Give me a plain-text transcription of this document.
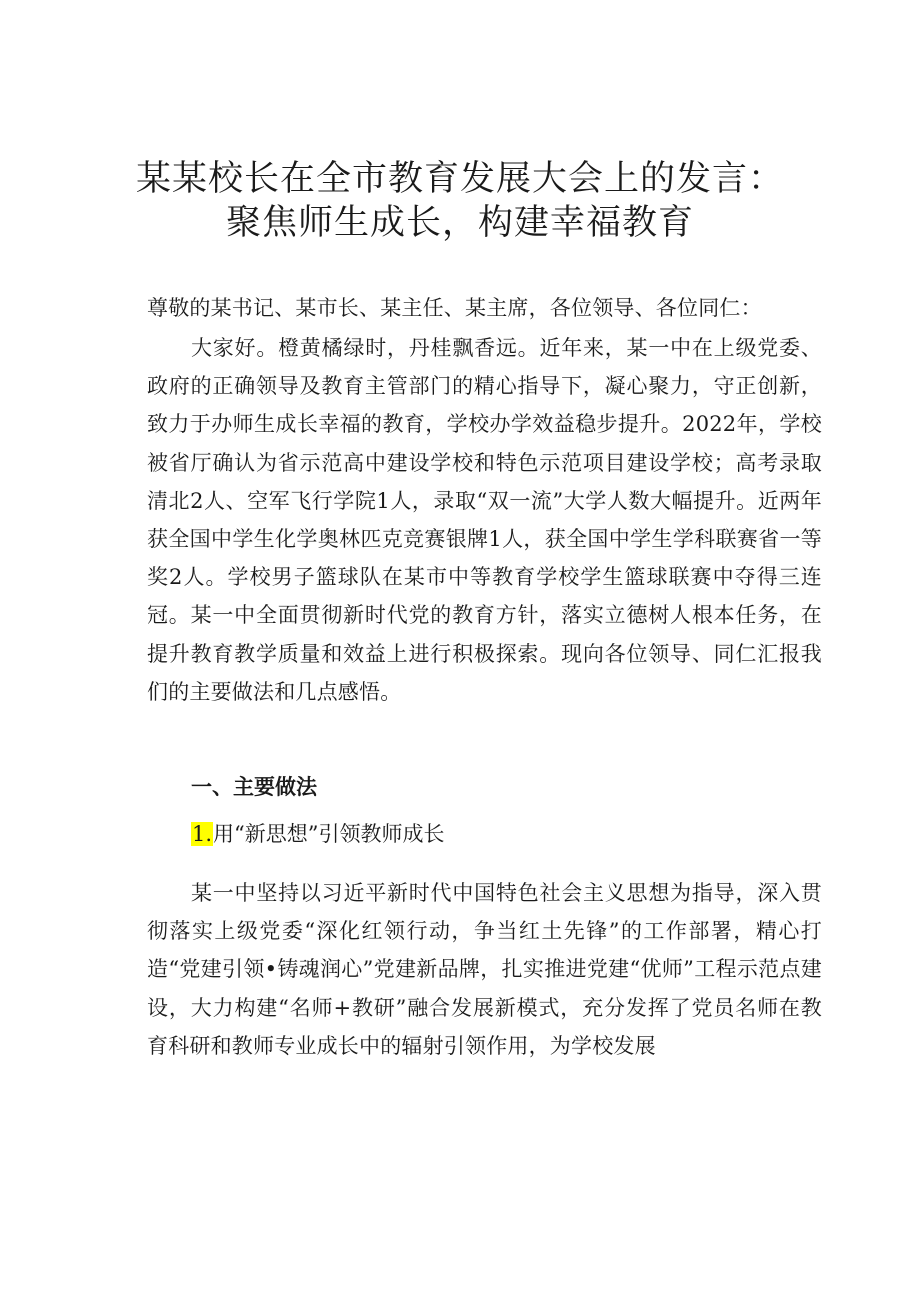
某某校长在全市教育发展大会上的发言：
聚焦师生成长，构建幸福教育

尊敬的某书记、某市长、某主任、某主席，各位领导、各位同仁：

大家好。橙黄橘绿时，丹桂飘香远。近年来，某一中在上级党委、政府的正确领导及教育主管部门的精心指导下，凝心聚力，守正创新，致力于办师生成长幸福的教育，学校办学效益稳步提升。2022年，学校被省厅确认为省示范高中建设学校和特色示范项目建设学校；高考录取清北2人、空军飞行学院1人，录取“双一流”大学人数大幅提升。近两年获全国中学生化学奥林匹克竞赛银牌1人，获全国中学生学科联赛省一等奖2人。学校男子篮球队在某市中等教育学校学生篮球联赛中夺得三连冠。某一中全面贯彻新时代党的教育方针，落实立德树人根本任务，在提升教育教学质量和效益上进行积极探索。现向各位领导、同仁汇报我们的主要做法和几点感悟。

一、主要做法

1.用“新思想”引领教师成长

某一中坚持以习近平新时代中国特色社会主义思想为指导，深入贯彻落实上级党委“深化红领行动，争当红土先锋”的工作部署，精心打造“党建引领•铸魂润心”党建新品牌，扎实推进党建“优师”工程示范点建设，大力构建“名师+教研”融合发展新模式，充分发挥了党员名师在教育科研和教师专业成长中的辐射引领作用，为学校发展
